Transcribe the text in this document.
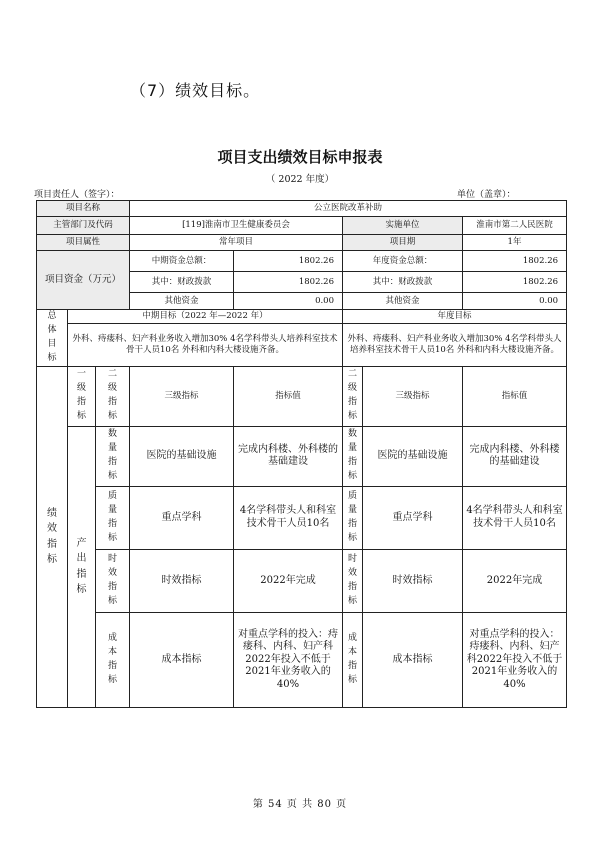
（7）绩效目标。
项目支出绩效目标申报表
（ 2022 年度）
项目责任人（签字）：	单位（盖章）：
项目名称			公立医院改革补助				
主管部门及代码			[119]淮南市卫生健康委员会		实施单位		淮南市第二人民医院
项目属性			常年项目		项目期		1年
项目资金（万元）			中期资金总额：	1802.26	年度资金总额：		1802.26
			其中：财政拨款	1802.26	其中：财政拨款		1802.26
			其他资金	0.00	其他资金		0.00
总体目标	中期目标（2022 年—2022 年）				年度目标		
	外科、痔瘘科、妇产科业务收入增加30% 4名学科带头人培养科室技术骨干人员10名 外科和内科大楼设施齐备。				外科、痔瘘科、妇产科业务收入增加30% 4名学科带头人培养科室技术骨干人员10名 外科和内科大楼设施齐备。		
绩效指标	一级指标	二级指标	三级指标	指标值	二级指标	三级指标	指标值
	产出指标	数量指标	医院的基础设施	完成内科楼、外科楼的基础建设	数量指标	医院的基础设施	完成内科楼、外科楼的基础建设
		质量指标	重点学科	4名学科带头人和科室技术骨干人员10名	质量指标	重点学科	4名学科带头人和科室技术骨干人员10名
		时效指标	时效指标	2022年完成	时效指标	时效指标	2022年完成
		成本指标	成本指标	对重点学科的投入：痔瘘科、内科、妇产科2022年投入不低于2021年业务收入的40%	成本指标	成本指标	对重点学科的投入：痔瘘科、内科、妇产科2022年投入不低于2021年业务收入的40%
第 54 页 共 80 页
